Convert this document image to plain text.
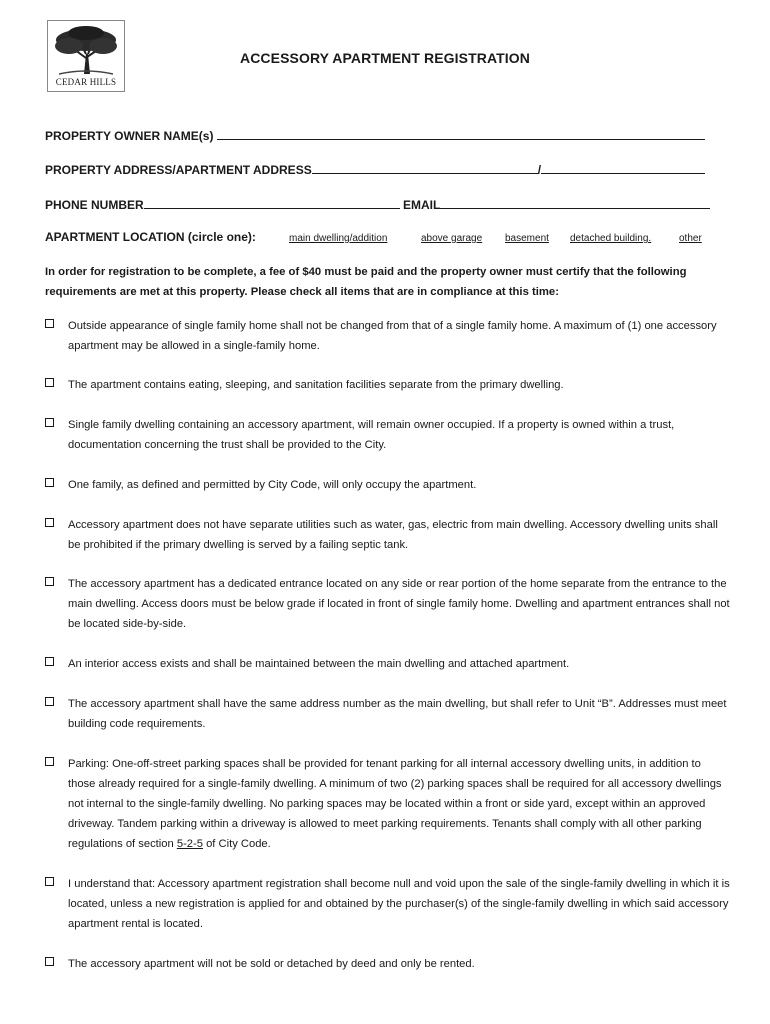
CEDAR HILLS
ACCESSORY APARTMENT REGISTRATION
PROPERTY OWNER NAME(s)
PROPERTY ADDRESS/APARTMENT ADDRESS	/
PHONE NUMBER	EMAIL
APARTMENT LOCATION (circle one):	main dwelling/addition	above garage basement detached building.	other
In order for registration to be complete, a fee of $40 must be paid and the property owner must certify that the following requirements are met at this property. Please check all items that are in compliance at this time:
Outside appearance of single family home shall not be changed from that of a single family home. A maximum of (1) one accessory apartment may be allowed in a single-family home.
The apartment contains eating, sleeping, and sanitation facilities separate from the primary dwelling.
Single family dwelling containing an accessory apartment, will remain owner occupied. If a property is owned within a trust, documentation concerning the trust shall be provided to the City.
One family, as defined and permitted by City Code, will only occupy the apartment.
Accessory apartment does not have separate utilities such as water, gas, electric from main dwelling. Accessory dwelling units shall be prohibited if the primary dwelling is served by a failing septic tank.
The accessory apartment has a dedicated entrance located on any side or rear portion of the home separate from the entrance to the main dwelling. Access doors must be below grade if located in front of single family home. Dwelling and apartment entrances shall not be located side-by-side.
An interior access exists and shall be maintained between the main dwelling and attached apartment.
The accessory apartment shall have the same address number as the main dwelling, but shall refer to Unit “B”. Addresses must meet building code requirements.
Parking: One-off-street parking spaces shall be provided for tenant parking for all internal accessory dwelling units, in addition to those already required for a single-family dwelling. A minimum of two (2) parking spaces shall be required for all accessory dwellings not internal to the single-family dwelling. No parking spaces may be located within a front or side yard, except within an approved driveway. Tandem parking within a driveway is allowed to meet parking requirements. Tenants shall comply with all other parking regulations of section 5-2-5 of City Code.
I understand that: Accessory apartment registration shall become null and void upon the sale of the single-family dwelling in which it is located, unless a new registration is applied for and obtained by the purchaser(s) of the single-family dwelling in which said accessory apartment rental is located.
The accessory apartment will not be sold or detached by deed and only be rented.
